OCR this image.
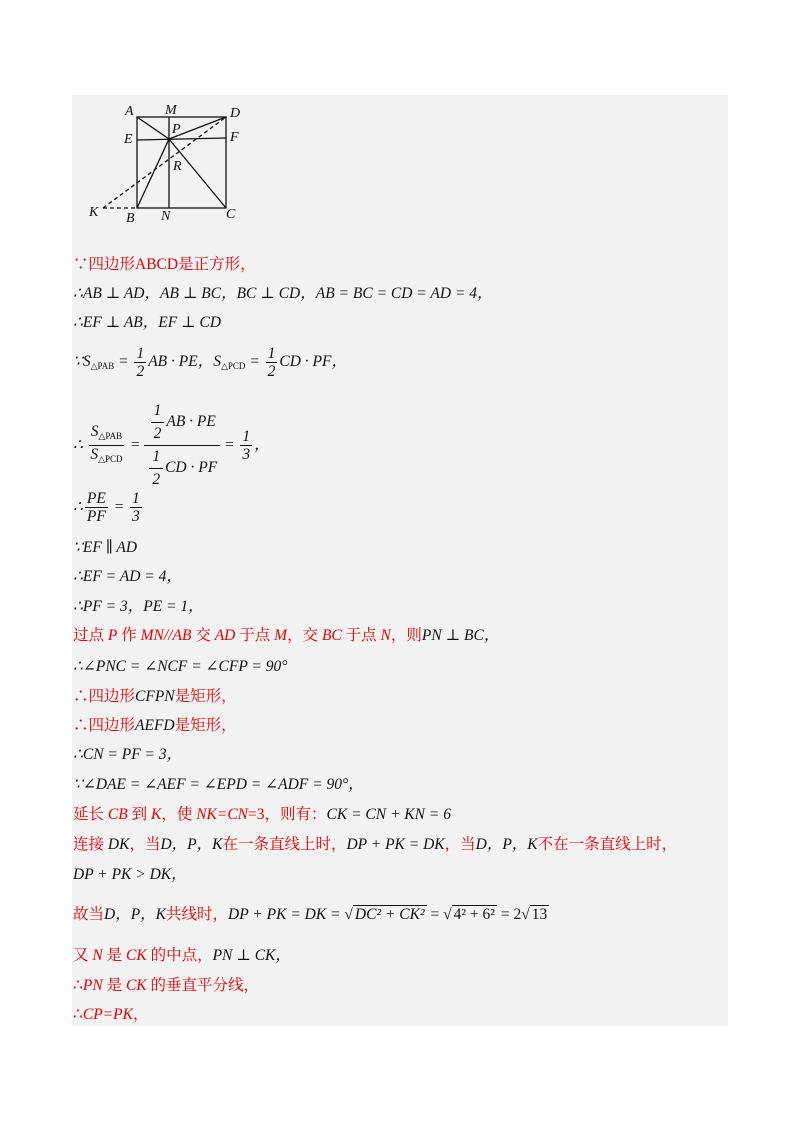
A M	D
E
P
F
R
K B N	C
∵四边形ABCD是正方形，
∴AB ⊥ AD，AB ⊥ BC，BC ⊥ CD，AB = BC = CD = AD = 4，
∴EF ⊥ AB，EF ⊥ CD
$\because S_{\triangle PAB} = \frac{1}{2}$ AB · PE，$S_{\triangle PCD} = \frac{1}{2}$ CD · PF，
∴ $\frac{S_{\triangle PAB}}{S_{\triangle PCD}} = \frac{\frac{1}{2} AB \cdot PE}{\frac{1}{2} CD \cdot PF} = \frac{1}{3}$ ，
∴ $\frac{PE}{PF} = \frac{1}{3}$
∵EF ∥ AD
∴EF = AD = 4，
∴PF = 3，PE = 1，
过点 P 作 MN//AB 交 AD 于点 M，交 BC 于点 N，则PN ⊥ BC，
∴∠PNC = ∠NCF = ∠CFP = 90°
∴四边形CFPN是矩形，
∴四边形AEFD是矩形，
∴CN = PF = 3，
∵∠DAE = ∠AEF = ∠EPD = ∠ADF = 90°，
延长 CB 到 K，使 NK=CN=3，则有：CK = CN + KN = 6
连接 DK，当D，P，K在一条直线上时，DP + PK = DK，当D，P，K不在一条直线上时，
DP + PK > DK，
故当D，P，K共线时，DP + PK = DK = √ DC² + CK² = √ 4² + 6² = 2√ 13
又 N 是 CK 的中点，PN ⊥ CK，
∴PN 是 CK 的垂直平分线，
∴CP=PK，
